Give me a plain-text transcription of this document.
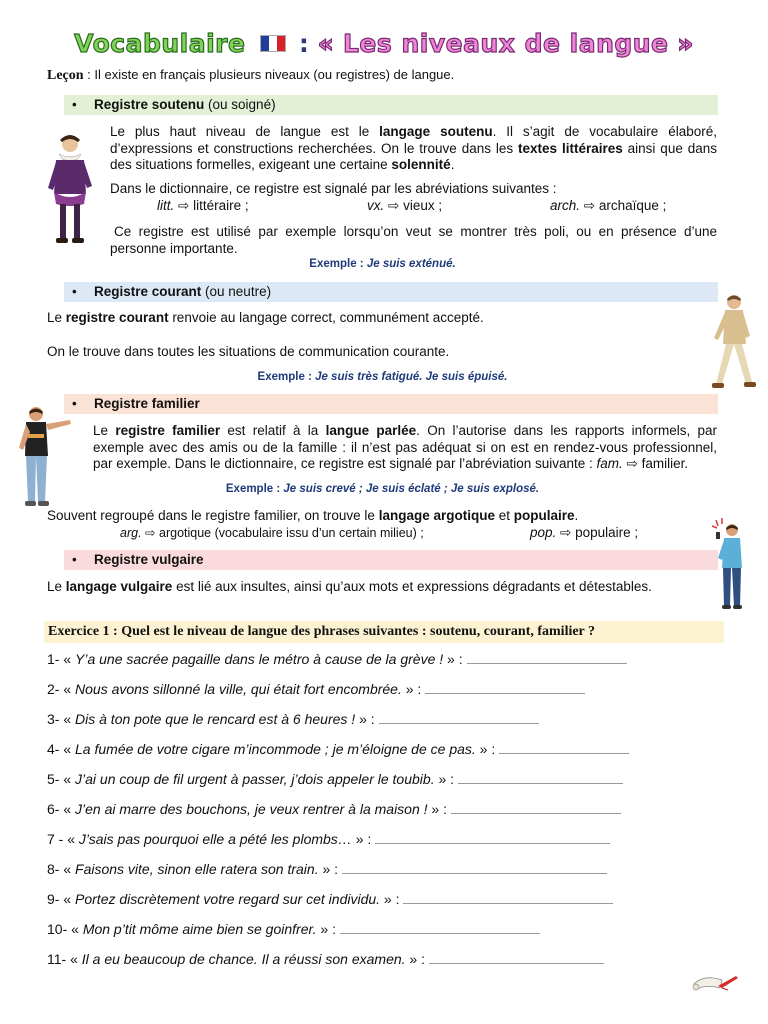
Vocabulaire : « Les niveaux de langue »
Leçon : Il existe en français plusieurs niveaux (ou registres) de langue.
• Registre soutenu (ou soigné)
Le plus haut niveau de langue est le langage soutenu. Il s’agit de vocabulaire élaboré, d’expressions et constructions recherchées. On le trouve dans les textes littéraires ainsi que dans des situations formelles, exigeant une certaine solennité.
Dans le dictionnaire, ce registre est signalé par les abréviations suivantes :
litt. ⇨ littéraire ;	vx. ⇨ vieux ;	arch. ⇨ archaïque ;
Ce registre est utilisé par exemple lorsqu’on veut se montrer très poli, ou en présence d’une personne importante.
Exemple : Je suis exténué.
• Registre courant (ou neutre)
Le registre courant renvoie au langage correct, communément accepté.
On le trouve dans toutes les situations de communication courante.
Exemple : Je suis très fatigué. Je suis épuisé.
• Registre familier
Le registre familier est relatif à la langue parlée. On l’autorise dans les rapports informels, par exemple avec des amis ou de la famille : il n’est pas adéquat si on est en rendez-vous professionnel, par exemple. Dans le dictionnaire, ce registre est signalé par l’abréviation suivante : fam. ⇨ familier.
Exemple : Je suis crevé ; Je suis éclaté ; Je suis explosé.
Souvent regroupé dans le registre familier, on trouve le langage argotique et populaire.
arg. ⇨ argotique (vocabulaire issu d’un certain milieu) ;	pop. ⇨ populaire ;
• Registre vulgaire
Le langage vulgaire est lié aux insultes, ainsi qu’aux mots et expressions dégradants et détestables.
Exercice 1 : Quel est le niveau de langue des phrases suivantes : soutenu, courant, familier ?
1- « Y’a une sacrée pagaille dans le métro à cause de la grève ! » :
2- « Nous avons sillonné la ville, qui était fort encombrée. » :
3- « Dis à ton pote que le rencard est à 6 heures ! » :
4- « La fumée de votre cigare m’incommode ; je m’éloigne de ce pas. » :
5- « J’ai un coup de fil urgent à passer, j’dois appeler le toubib. » :
6- « J’en ai marre des bouchons, je veux rentrer à la maison ! » :
7 - « J’sais pas pourquoi elle a pété les plombs… » :
8- « Faisons vite, sinon elle ratera son train. » :
9- « Portez discrètement votre regard sur cet individu. » :
10- « Mon p’tit môme aime bien se goinfrer. » :
11- « Il a eu beaucoup de chance. Il a réussi son examen. » :
